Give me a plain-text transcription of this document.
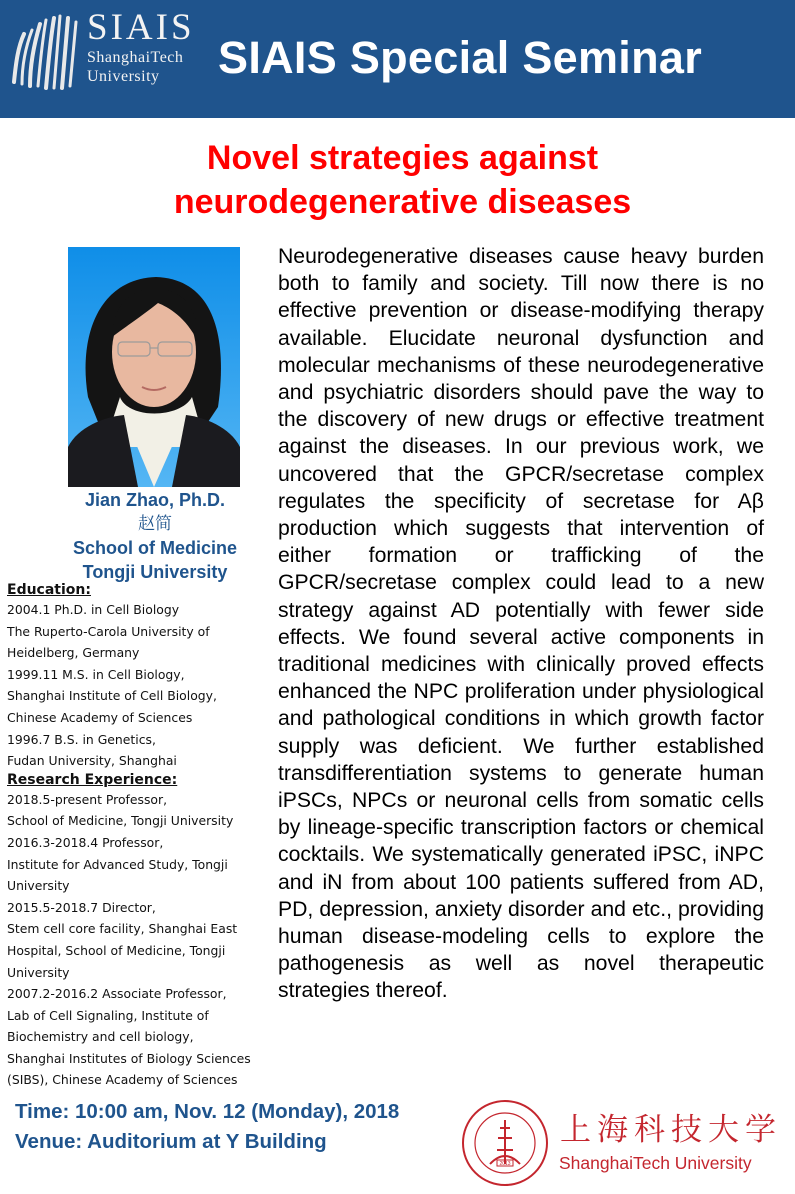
SIAIS
ShanghaiTech
University	SIAIS Special Seminar
Novel strategies against
neurodegenerative diseases
Jian Zhao, Ph.D.
赵简
School of Medicine
Tongji University
Education:
2004.1 Ph.D. in Cell Biology
The Ruperto-Carola University of
Heidelberg, Germany
1999.11 M.S. in Cell Biology,
Shanghai Institute of Cell Biology,
Chinese Academy of Sciences
1996.7 B.S. in Genetics,
Fudan University, Shanghai
Research Experience:
2018.5-present Professor,
School of Medicine, Tongji University
2016.3-2018.4 Professor,
Institute for Advanced Study, Tongji
University
2015.5-2018.7 Director,
Stem cell core facility, Shanghai East
Hospital, School of Medicine, Tongji
University
2007.2-2016.2 Associate Professor,
Lab of Cell Signaling, Institute of
Biochemistry and cell biology,
Shanghai Institutes of Biology Sciences
(SIBS), Chinese Academy of Sciences
Neurodegenerative diseases cause heavy burden both to family and society. Till now there is no effective prevention or disease-modifying therapy available. Elucidate neuronal dysfunction and molecular mechanisms of these neurodegenerative and psychiatric disorders should pave the way to the discovery of new drugs or effective treatment against the diseases. In our previous work, we uncovered that the GPCR/secretase complex regulates the specificity of secretase for Aβ production which suggests that intervention of either formation or trafficking of the GPCR/secretase complex could lead to a new strategy against AD potentially with fewer side effects. We found several active components in traditional medicines with clinically proved effects enhanced the NPC proliferation under physiological and pathological conditions in which growth factor supply was deficient. We further established transdifferentiation systems to generate human iPSCs, NPCs or neuronal cells from somatic cells by lineage-specific transcription factors or chemical cocktails. We systematically generated iPSC, iNPC and iN from about 100 patients suffered from AD, PD, depression, anxiety disorder and etc., providing human disease-modeling cells to explore the pathogenesis as well as novel therapeutic strategies thereof.
Time: 10:00 am, Nov. 12 (Monday), 2018
Venue: Auditorium at Y Building
2013
上海科技大学
ShanghaiTech University
